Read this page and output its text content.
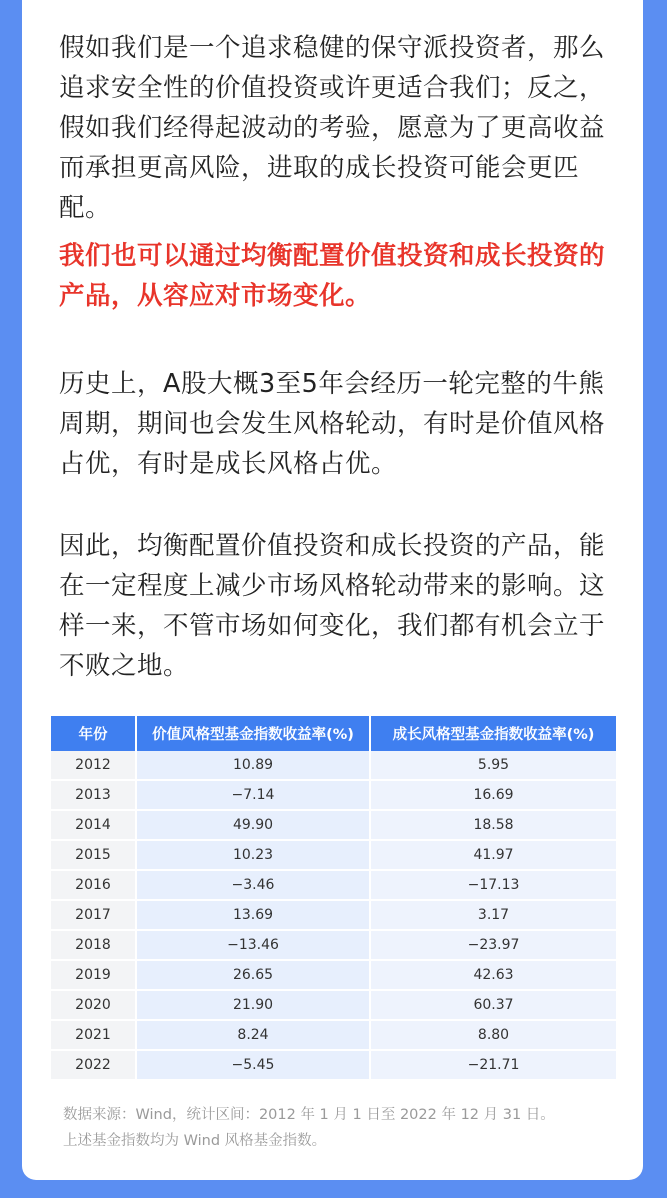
假如我们是一个追求稳健的保守派投资者，那么追求安全性的价值投资或许更适合我们；反之，假如我们经得起波动的考验，愿意为了更高收益而承担更高风险，进取的成长投资可能会更匹配。

我们也可以通过均衡配置价值投资和成长投资的产品，从容应对市场变化。

历史上，A股大概3至5年会经历一轮完整的牛熊周期，期间也会发生风格轮动，有时是价值风格占优，有时是成长风格占优。

因此，均衡配置价值投资和成长投资的产品，能在一定程度上减少市场风格轮动带来的影响。这样一来，不管市场如何变化，我们都有机会立于不败之地。

年份	价值风格型基金指数收益率(%)	成长风格型基金指数收益率(%)
2012	10.89	5.95
2013	−7.14	16.69
2014	49.90	18.58
2015	10.23	41.97
2016	−3.46	−17.13
2017	13.69	3.17
2018	−13.46	−23.97
2019	26.65	42.63
2020	21.90	60.37
2021	8.24	8.80
2022	−5.45	−21.71

数据来源：Wind，统计区间：2012 年 1 月 1 日至 2022 年 12 月 31 日。
上述基金指数均为 Wind 风格基金指数。
